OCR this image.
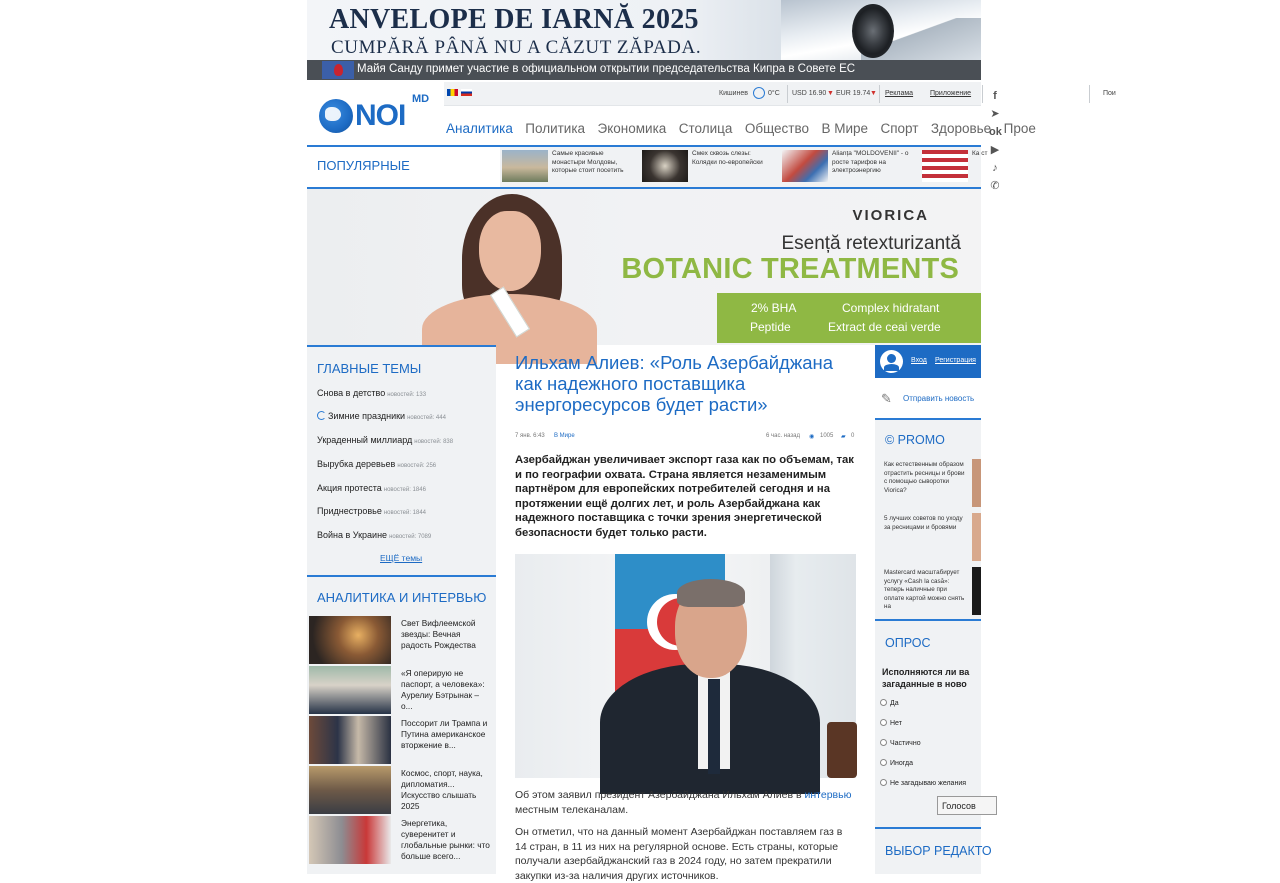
ANVELOPE DE IARNĂ 2025
CUMPĂRĂ PÂNĂ NU A CĂZUT ZĂPADA.
Майя Санду примет участие в официальном открытии председательства Кипра в Совете ЕС
NOI MD	Кишинев	0°C USD 16.90 ▼ EUR 19.74 ▼ Реклама Приложение	f➤ok▶♪✆
Пои
Аналитика Политика Экономика Столица Общество В Мире Спорт Здоровье Прое
ПОПУЛЯРНЫЕ
Самые красивые монастыри Молдовы, которые стоит посетить
Смех сквозь слезы: Колядки по-европейски
Alianța "MOLDOVENII" - о росте тарифов на электроэнергию
Ка ст
VIORICA
Esență retexturizantă
BOTANIC TREATMENTS
2% BHA	Complex hidratant
Peptide	Extract de ceai verde
ГЛАВНЫЕ ТЕМЫ
Снова в детство новостей: 133
Зимние праздники новостей: 444
Украденный миллиард новостей: 838
Вырубка деревьев новостей: 256
Акция протеста новостей: 1846
Приднестровье новостей: 1844
Война в Украине новостей: 7089
ЕЩЁ темы
АНАЛИТИКА И ИНТЕРВЬЮ
Свет Вифлеемской звезды: Вечная радость Рождества
«Я оперирую не паспорт, а человека»: Аурелиу Бэтрынак – о...
Поссорит ли Трампа и Путина американское вторжение в...
Космос, спорт, наука, дипломатия... Искусство слышать 2025
Энергетика, суверенитет и глобальные рынки: что больше всего...
Ильхам Алиев: «Роль Азербайджана как надежного поставщика энергоресурсов будет расти»
7 янв. 6:43 В Мире	6 час. назад ◉ 1005 ▰ 0
Азербайджан увеличивает экспорт газа как по объемам, так и по географии охвата. Страна является незаменимым партнёром для европейских потребителей сегодня и на протяжении ещё долгих лет, и роль Азербайджана как надежного поставщика с точки зрения энергетической безопасности будет только расти.
Об этом заявил президент Азербайджана Ильхам Алиев в интервью местным телеканалам.
Он отметил, что на данный момент Азербайджан поставляем газ в 14 стран, в 11 из них на регулярной основе. Есть страны, которые получали азербайджанский газ в 2024 году, но затем прекратили закупки из-за наличия других источников.
Вход Регистрация
✎ Отправить новость
© PROMO
Как естественным образом отрастить ресницы и брови с помощью сыворотки Viorica?
5 лучших советов по уходу за ресницами и бровями
Mastercard масштабирует услугу «Cash la casă»: теперь наличные при оплате картой можно снять на
ОПРОС
Исполняются ли ва загаданные в ново
Да
Нет
Частично
Иногда
Не загадываю желания
Голосов
ВЫБОР РЕДАКТО
